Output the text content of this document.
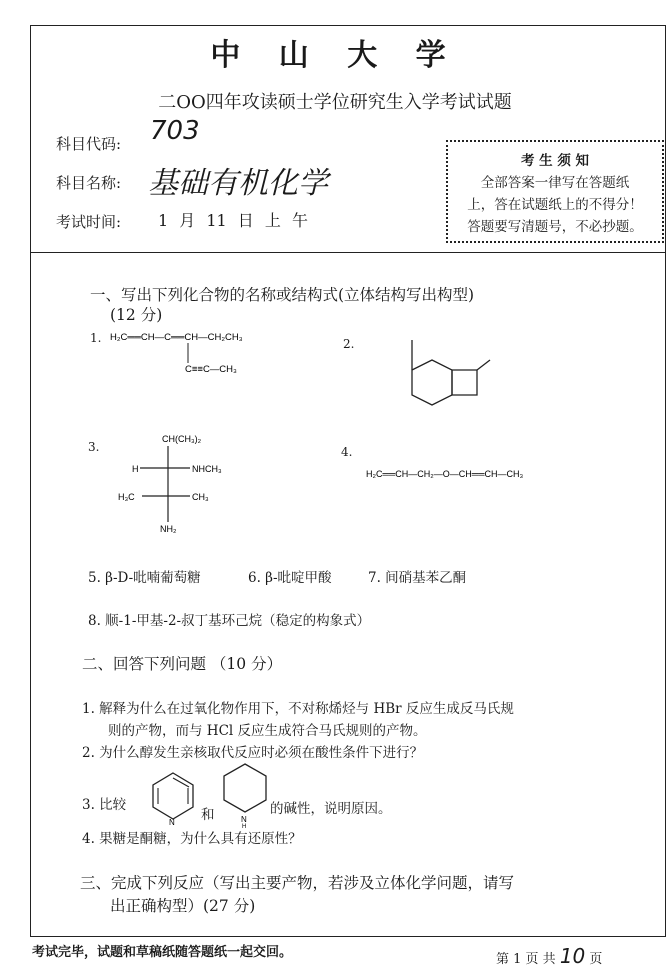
中 山 大 学
二OO四年攻读硕士学位研究生入学考试试题
科目代码: 703
科目名称: 基础有机化学
考试时间: 1 月 11 日 上 午
考 生 须 知
全部答案一律写在答题纸
上，答在试题纸上的不得分！
答题要写清题号，不必抄题。
一、写出下列化合物的名称或结构式(立体结构写出构型)
(12 分)
1. H₂C══CH—C══CH—CH₂CH₃
C≡≡C—CH₃
2.
3.
CH(CH₃)₂
H	NHCH₃
H₃C	CH₃
NH₂
4.
H₂C══CH—CH₂—O—CH══CH—CH₃
5. β-D-吡喃葡萄糖	6. β-吡啶甲酸	7. 间硝基苯乙酮
8. 顺-1-甲基-2-叔丁基环己烷（稳定的构象式）
二、回答下列问题 （10 分）
1. 解释为什么在过氧化物作用下，不对称烯烃与 HBr 反应生成反马氏规
则的产物，而与 HCl 反应生成符合马氏规则的产物。
2. 为什么醇发生亲核取代反应时必须在酸性条件下进行？
3. 比较
N 和	N
H
的碱性，说明原因。
4. 果糖是酮糖，为什么具有还原性？
三、完成下列反应（写出主要产物，若涉及立体化学问题，请写
出正确构型）(27 分)
考试完毕，试题和草稿纸随答题纸一起交回。	第 1 页 共 10 页
